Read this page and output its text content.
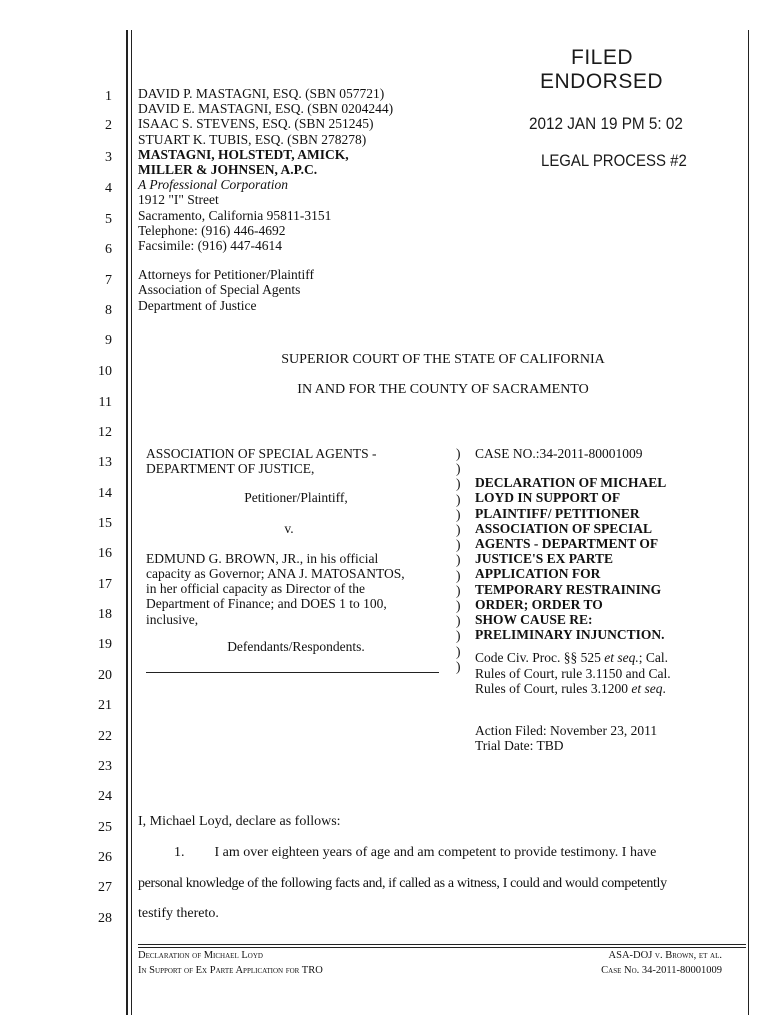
1
2
3
4
5
6
7
8
9
10
11
12
13
14
15
16
17
18
19
20
21
22
23
24
25
26
27
28
DAVID P. MASTAGNI, ESQ. (SBN 057721)
DAVID E. MASTAGNI, ESQ. (SBN 0204244)
ISAAC S. STEVENS, ESQ. (SBN 251245)
STUART K. TUBIS, ESQ. (SBN 278278)
MASTAGNI, HOLSTEDT, AMICK,
MILLER & JOHNSEN, A.P.C.
A Professional Corporation
1912 "I" Street
Sacramento, California 95811-3151
Telephone: (916) 446-4692
Facsimile: (916) 447-4614
Attorneys for Petitioner/Plaintiff
Association of Special Agents
Department of Justice
FILED
ENDORSED
2012 JAN 19 PM 5: 02
LEGAL PROCESS #2
SUPERIOR COURT OF THE STATE OF CALIFORNIA
IN AND FOR THE COUNTY OF SACRAMENTO
ASSOCIATION OF SPECIAL AGENTS -
DEPARTMENT OF JUSTICE,
Petitioner/Plaintiff,
v.
EDMUND G. BROWN, JR., in his official
capacity as Governor; ANA J. MATOSANTOS,
in her official capacity as Director of the
Department of Finance; and DOES 1 to 100,
inclusive,
Defendants/Respondents.
)
)
)
)
)
)
)
)
)
)
)
)
)
)
)
CASE NO.:34-2011-80001009
DECLARATION OF MICHAEL
LOYD IN SUPPORT OF
PLAINTIFF/ PETITIONER
ASSOCIATION OF SPECIAL
AGENTS - DEPARTMENT OF
JUSTICE'S EX PARTE
APPLICATION FOR
TEMPORARY RESTRAINING
ORDER; ORDER TO
SHOW CAUSE RE:
PRELIMINARY INJUNCTION.
Code Civ. Proc. §§ 525 et seq.; Cal.
Rules of Court, rule 3.1150 and Cal.
Rules of Court, rules 3.1200 et seq.
Action Filed: November 23, 2011
Trial Date: TBD
I, Michael Loyd, declare as follows:
1. I am over eighteen years of age and am competent to provide testimony. I have
personal knowledge of the following facts and, if called as a witness, I could and would competently
testify thereto.
Declaration of Michael Loyd
In Support of Ex Parte Application for TRO
ASA-DOJ v. Brown, et al.
Case No. 34-2011-80001009
